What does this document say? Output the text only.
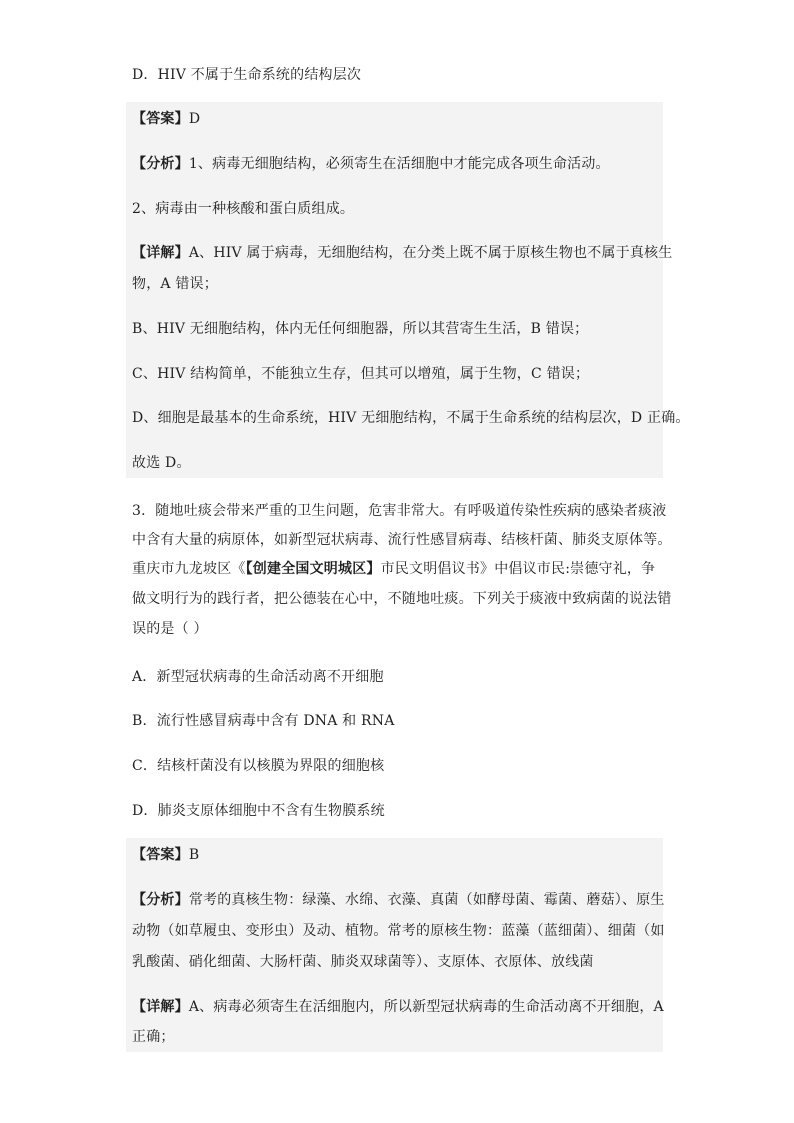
D．HIV 不属于生命系统的结构层次
【答案】D
【分析】1、病毒无细胞结构，必须寄生在活细胞中才能完成各项生命活动。
2、病毒由一种核酸和蛋白质组成。
【详解】A、HIV 属于病毒，无细胞结构，在分类上既不属于原核生物也不属于真核生
物，A 错误；
B、HIV 无细胞结构，体内无任何细胞器，所以其营寄生生活，B 错误；
C、HIV 结构简单，不能独立生存，但其可以增殖，属于生物，C 错误；
D、细胞是最基本的生命系统，HIV 无细胞结构，不属于生命系统的结构层次，D 正确。
故选 D。
3．随地吐痰会带来严重的卫生问题，危害非常大。有呼吸道传染性疾病的感染者痰液
中含有大量的病原体，如新型冠状病毒、流行性感冒病毒、结核杆菌、肺炎支原体等。
重庆市九龙坡区《【创建全国文明城区】市民文明倡议书》中倡议市民:崇德守礼，争
做文明行为的践行者，把公德装在心中，不随地吐痰。下列关于痰液中致病菌的说法错
误的是（ ）
A．新型冠状病毒的生命活动离不开细胞
B．流行性感冒病毒中含有 DNA 和 RNA
C．结核杆菌没有以核膜为界限的细胞核
D．肺炎支原体细胞中不含有生物膜系统
【答案】B
【分析】常考的真核生物：绿藻、水绵、衣藻、真菌（如酵母菌、霉菌、蘑菇）、原生
动物（如草履虫、变形虫）及动、植物。常考的原核生物：蓝藻（蓝细菌）、细菌（如
乳酸菌、硝化细菌、大肠杆菌、肺炎双球菌等）、支原体、衣原体、放线菌
【详解】A、病毒必须寄生在活细胞内，所以新型冠状病毒的生命活动离不开细胞，A
正确；
